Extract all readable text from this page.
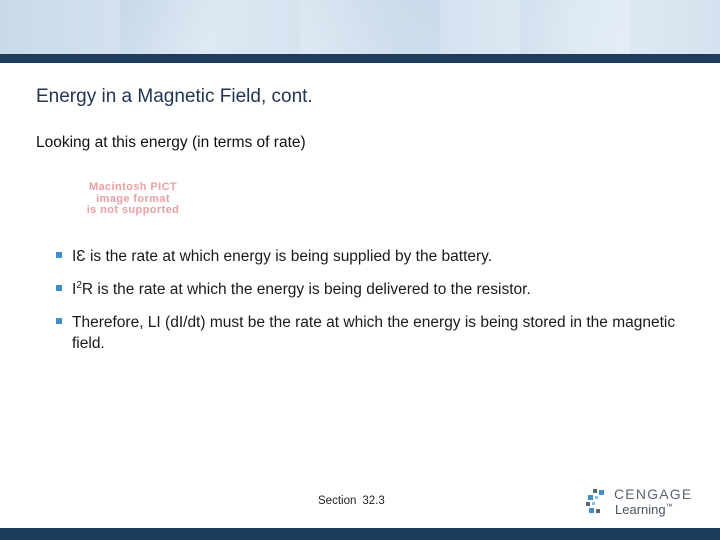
Energy in a Magnetic Field, cont.
Looking at this energy (in terms of rate)
Macintosh PICT
image format
is not supported
IƐ is the rate at which energy is being supplied by the battery.
$I^2R$ is the rate at which the energy is being delivered to the resistor.
Therefore, LI (dI/dt) must be the rate at which the energy is being stored in the magnetic field.
Section 32.3	CENGAGE
Learning™
